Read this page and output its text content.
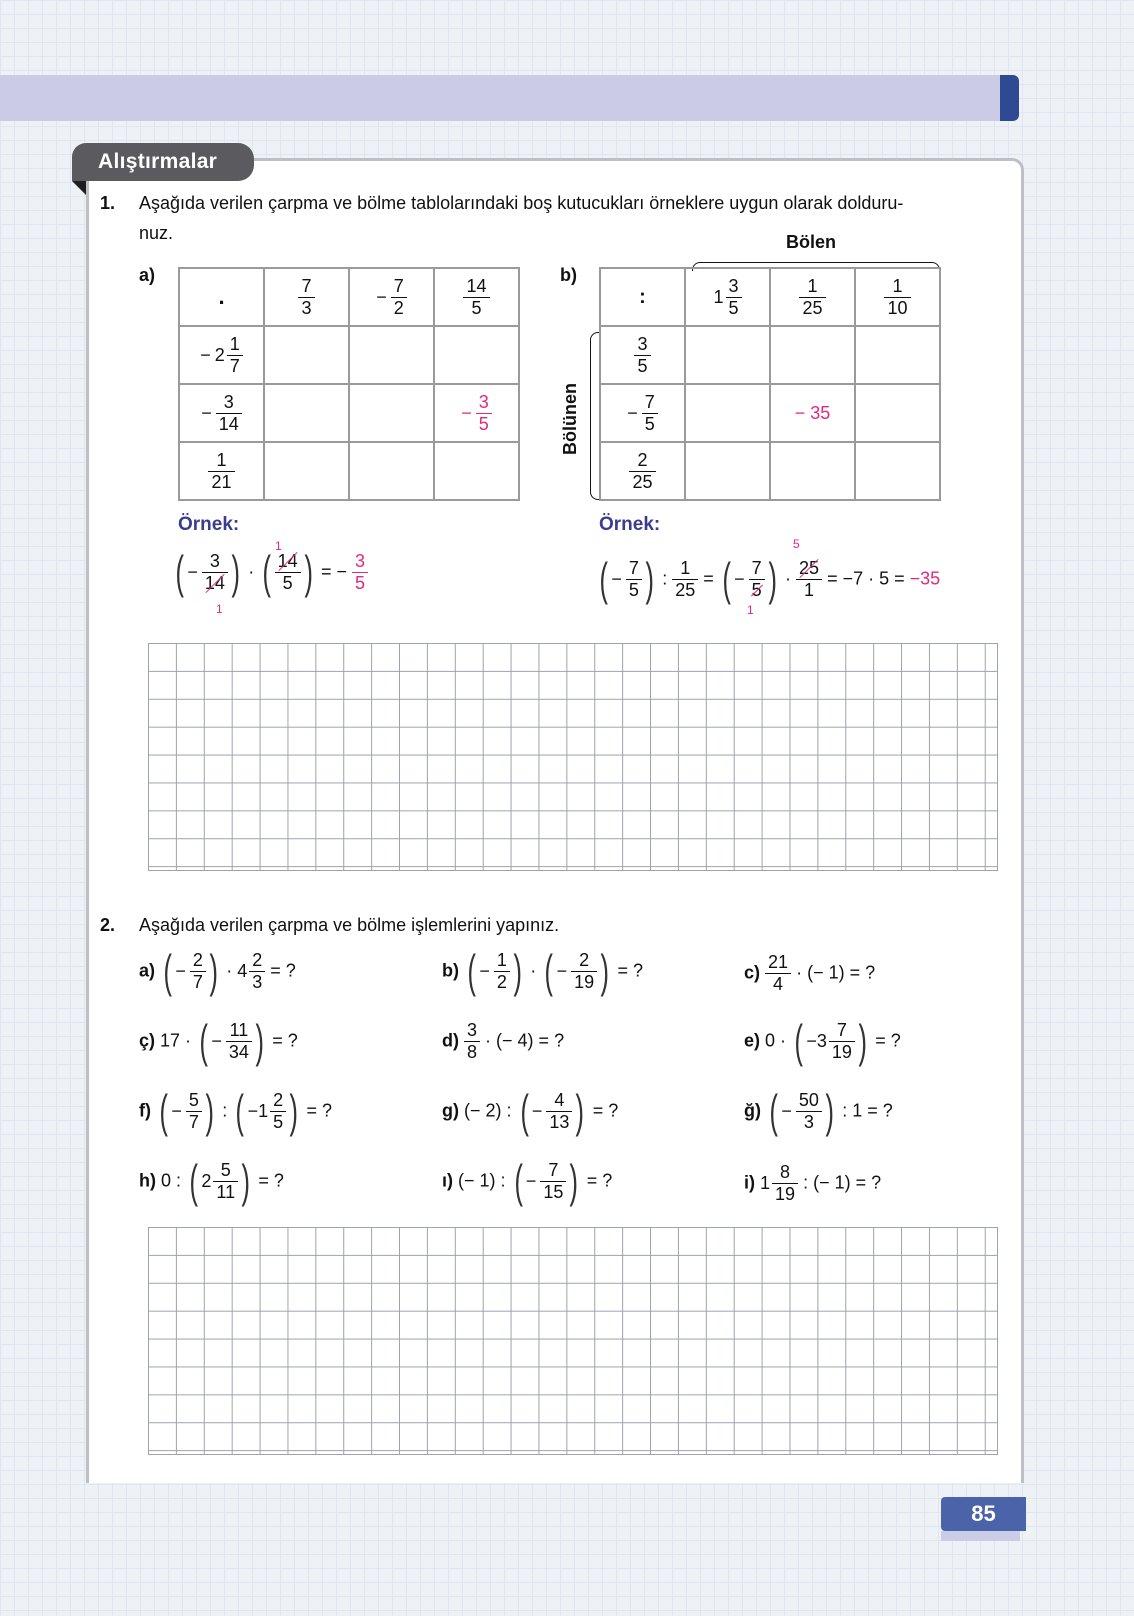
Alıştırmalar
1. Aşağıda verilen çarpma ve bölme tablolarındaki boş kutucukları örneklere uygun olarak dolduru-
nuz.
a)
.	$\frac{7}{3}$	− $\frac{7}{2}$	$\frac{14}{5}$

− $2 \frac{1}{7}$

− $\frac{3}{14}$			− $\frac{3}{5}$

$\frac{1}{21}$

b)
Bölen
Bölünen
:	$1 \frac{3}{5}$	$\frac{1}{25}$	$\frac{1}{10}$

$\frac{3}{5}$

− $\frac{7}{5}$		− 35	

$\frac{2}{25}$

Örnek:
1
1
( − $\frac{3}{14}$ ) · ( $\frac{14}{5}$ ) = − $\frac{3}{5}$
Örnek:
5
1
( − $\frac{7}{5}$ ) : $\frac{1}{25}$ = ( − $\frac{7}{5}$ ) · $\frac{25}{1} = -7 \cdot 5 = -35$
2. Aşağıda verilen çarpma ve bölme işlemlerini yapınız.
a) ( − $\frac{2}{7}$ ) · $4 \frac{2}{3}$ = ?	b) ( − $\frac{1}{2}$ ) · ( − $\frac{2}{19}$ ) = ?	$c) \frac{21}{4}$ · (− 1) = ?
ç) 17 · ( − $\frac{11}{34}$ ) = ?	$d) \frac{3}{8}$ · (− 4) = ?	e) 0 · ( $-3 \frac{7}{19}$ ) = ?
f) ( − $\frac{5}{7}$ ) : ( $-1 \frac{2}{5}$ ) = ?	g) (− 2) : ( − $\frac{4}{13}$ ) = ?	ğ) ( − $\frac{50}{3}$ ) : 1 = ?
h) 0 : ( $2 \frac{5}{11}$ ) = ?	ı) (− 1) : ( − $\frac{7}{15}$ ) = ?	i) $1 \frac{8}{19}$ : (− 1) = ?
85
